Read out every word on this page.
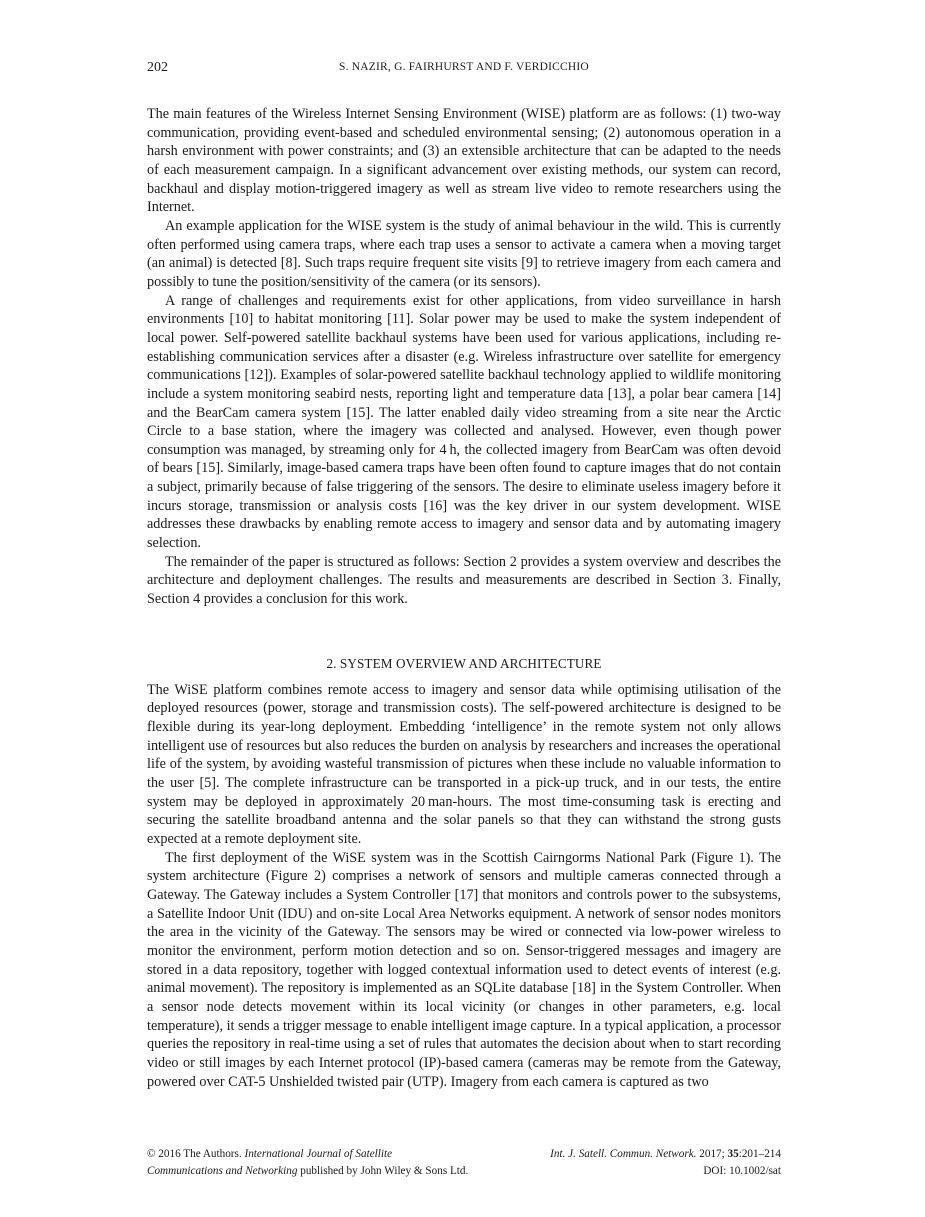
202	S. NAZIR, G. FAIRHURST AND F. VERDICCHIO

The main features of the Wireless Internet Sensing Environment (WISE) platform are as follows: (1) two-way communication, providing event-based and scheduled environmental sensing; (2) autonomous operation in a harsh environment with power constraints; and (3) an extensible architecture that can be adapted to the needs of each measurement campaign. In a significant advancement over existing methods, our system can record, backhaul and display motion-triggered imagery as well as stream live video to remote researchers using the Internet.

An example application for the WISE system is the study of animal behaviour in the wild. This is currently often performed using camera traps, where each trap uses a sensor to activate a camera when a moving target (an animal) is detected [8]. Such traps require frequent site visits [9] to retrieve imagery from each camera and possibly to tune the position/sensitivity of the camera (or its sensors).

A range of challenges and requirements exist for other applications, from video surveillance in harsh environments [10] to habitat monitoring [11]. Solar power may be used to make the system independent of local power. Self-powered satellite backhaul systems have been used for various applications, including re-establishing communication services after a disaster (e.g. Wireless infrastructure over satellite for emergency communications [12]). Examples of solar-powered satellite backhaul technology applied to wildlife monitoring include a system monitoring seabird nests, reporting light and temperature data [13], a polar bear camera [14] and the BearCam camera system [15]. The latter enabled daily video streaming from a site near the Arctic Circle to a base station, where the imagery was collected and analysed. However, even though power consumption was managed, by streaming only for 4 h, the collected imagery from BearCam was often devoid of bears [15]. Similarly, image-based camera traps have been often found to capture images that do not contain a subject, primarily because of false triggering of the sensors. The desire to eliminate useless imagery before it incurs storage, transmission or analysis costs [16] was the key driver in our system development. WISE addresses these drawbacks by enabling remote access to imagery and sensor data and by automating imagery selection.

The remainder of the paper is structured as follows: Section 2 provides a system overview and describes the architecture and deployment challenges. The results and measurements are described in Section 3. Finally, Section 4 provides a conclusion for this work.

2. SYSTEM OVERVIEW AND ARCHITECTURE

The WiSE platform combines remote access to imagery and sensor data while optimising utilisation of the deployed resources (power, storage and transmission costs). The self-powered architecture is designed to be flexible during its year-long deployment. Embedding ‘intelligence’ in the remote system not only allows intelligent use of resources but also reduces the burden on analysis by researchers and increases the operational life of the system, by avoiding wasteful transmission of pictures when these include no valuable information to the user [5]. The complete infrastructure can be transported in a pick-up truck, and in our tests, the entire system may be deployed in approximately 20 man-hours. The most time-consuming task is erecting and securing the satellite broadband antenna and the solar panels so that they can withstand the strong gusts expected at a remote deployment site.

The first deployment of the WiSE system was in the Scottish Cairngorms National Park (Figure 1). The system architecture (Figure 2) comprises a network of sensors and multiple cameras connected through a Gateway. The Gateway includes a System Controller [17] that monitors and controls power to the subsystems, a Satellite Indoor Unit (IDU) and on-site Local Area Networks equipment. A network of sensor nodes monitors the area in the vicinity of the Gateway. The sensors may be wired or connected via low-power wireless to monitor the environment, perform motion detection and so on. Sensor-triggered messages and imagery are stored in a data repository, together with logged contextual information used to detect events of interest (e.g. animal movement). The repository is implemented as an SQLite database [18] in the System Controller. When a sensor node detects movement within its local vicinity (or changes in other parameters, e.g. local temperature), it sends a trigger message to enable intelligent image capture. In a typical application, a processor queries the repository in real-time using a set of rules that automates the decision about when to start recording video or still images by each Internet protocol (IP)-based camera (cameras may be remote from the Gateway, powered over CAT-5 Unshielded twisted pair (UTP). Imagery from each camera is captured as two

© 2016 The Authors. International Journal of Satellite
Communications and Networking published by John Wiley & Sons Ltd.
Int. J. Satell. Commun. Network. 2017; 35:201–214
DOI: 10.1002/sat
